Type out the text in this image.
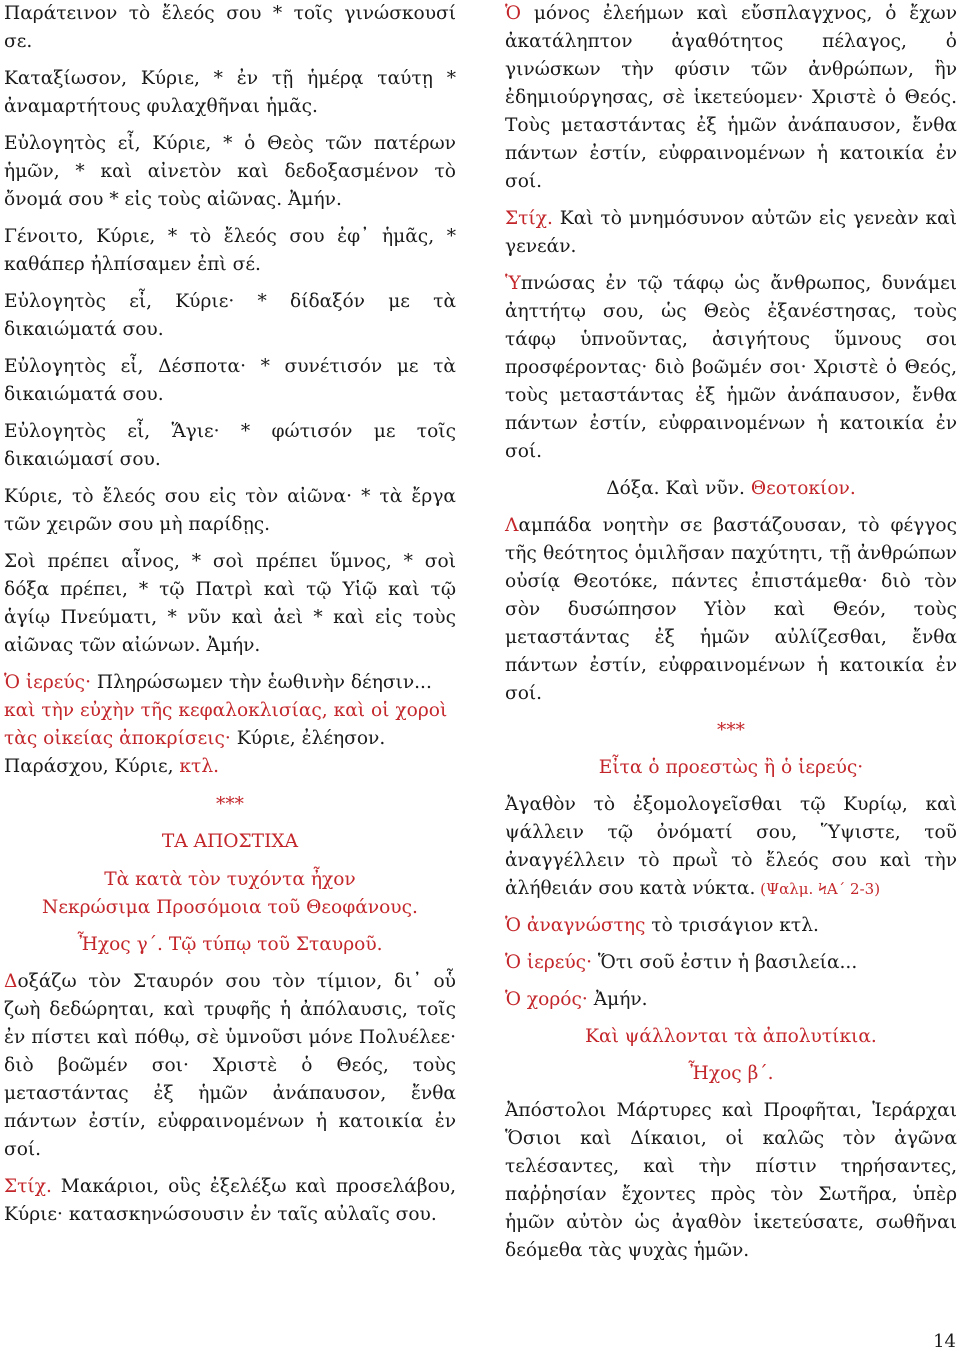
Παράτεινον τὸ ἔλεός σου * τοῖς γινώσκουσί σε.

Καταξίωσον, Κύριε, * ἐν τῇ ἡμέρᾳ ταύτῃ * ἀναμαρτήτους φυλαχθῆναι ἡμᾶς.

Εὐλογητὸς εἶ, Κύριε, * ὁ Θεὸς τῶν πατέρων ἡμῶν, * καὶ αἰνετὸν καὶ δεδοξασμένον τὸ ὄνομά σου * εἰς τοὺς αἰῶνας. Ἀμήν.

Γένοιτο, Κύριε, * τὸ ἔλεός σου ἐφ᾽ ἡμᾶς, * καθάπερ ἠλπίσαμεν ἐπὶ σέ.

Εὐλογητὸς εἶ, Κύριε· * δίδαξόν με τὰ δικαιώματά σου.

Εὐλογητὸς εἶ, Δέσποτα· * συνέτισόν με τὰ δικαιώματά σου.

Εὐλογητὸς εἶ, Ἅγιε· * φώτισόν με τοῖς δικαιώμασί σου.

Κύριε, τὸ ἔλεός σου εἰς τὸν αἰῶνα· * τὰ ἔργα τῶν χειρῶν σου μὴ παρίδῃς.

Σοὶ πρέπει αἶνος, * σοὶ πρέπει ὕμνος, * σοὶ δόξα πρέπει, * τῷ Πατρὶ καὶ τῷ Υἱῷ καὶ τῷ ἁγίῳ Πνεύματι, * νῦν καὶ ἀεὶ * καὶ εἰς τοὺς αἰῶνας τῶν αἰώνων. Ἀμήν.

Ὁ ἱερεύς· Πληρώσωμεν τὴν ἑωθινὴν δέησιν... καὶ τὴν εὐχὴν τῆς κεφαλοκλισίας, καὶ οἱ χοροὶ τὰς οἰκείας ἀποκρίσεις· Κύριε, ἐλέησον. Παράσχου, Κύριε, κτλ.

***

ΤΑ ΑΠΟΣΤΙΧΑ

Τὰ κατὰ τὸν τυχόντα ἦχον
Νεκρώσιμα Προσόμοια τοῦ Θεοφάνους.

Ἦχος γ΄. Τῷ τύπῳ τοῦ Σταυροῦ.

Δοξάζω τὸν Σταυρόν σου τὸν τίμιον, δι᾽ οὗ ζωὴ δεδώρηται, καὶ τρυφῆς ἡ ἀπόλαυσις, τοῖς ἐν πίστει καὶ πόθῳ, σὲ ὑμνοῦσι μόνε Πολυέλεε· διὸ βοῶμέν σοι· Χριστὲ ὁ Θεός, τοὺς μεταστάντας ἐξ ἡμῶν ἀνάπαυσον, ἔνθα πάντων ἐστίν, εὐφραινομένων ἡ κατοικία ἐν σοί.

Στίχ. Μακάριοι, οὓς ἐξελέξω καὶ προσελάβου, Κύριε· κατασκηνώσουσιν ἐν ταῖς αὐλαῖς σου.

Ὁ μόνος ἐλεήμων καὶ εὔσπλαγχνος, ὁ ἔχων ἀκατάληπτον ἀγαθότητος πέλαγος, ὁ γινώσκων τὴν φύσιν τῶν ἀνθρώπων, ἣν ἐδημιούργησας, σὲ ἱκετεύομεν· Χριστὲ ὁ Θεός. Τοὺς μεταστάντας ἐξ ἡμῶν ἀνάπαυσον, ἔνθα πάντων ἐστίν, εὐφραινομένων ἡ κατοικία ἐν σοί.

Στίχ. Καὶ τὸ μνημόσυνον αὐτῶν εἰς γενεὰν καὶ γενεάν.

Ὑπνώσας ἐν τῷ τάφῳ ὡς ἄνθρωπος, δυνάμει ἀηττήτῳ σου, ὡς Θεὸς ἐξανέστησας, τοὺς τάφῳ ὑπνοῦντας, ἀσιγήτους ὕμνους σοι προσφέροντας· διὸ βοῶμέν σοι· Χριστὲ ὁ Θεός, τοὺς μεταστάντας ἐξ ἡμῶν ἀνάπαυσον, ἔνθα πάντων ἐστίν, εὐφραινομένων ἡ κατοικία ἐν σοί.

Δόξα. Καὶ νῦν. Θεοτοκίον.

Λαμπάδα νοητὴν σε βαστάζουσαν, τὸ φέγγος τῆς θεότητος ὁμιλῆσαν παχύτητι, τῇ ἀνθρώπων οὐσίᾳ Θεοτόκε, πάντες ἐπιστάμεθα· διὸ τὸν σὸν δυσώπησον Υἱὸν καὶ Θεόν, τοὺς μεταστάντας ἐξ ἡμῶν αὐλίζεσθαι, ἔνθα πάντων ἐστίν, εὐφραινομένων ἡ κατοικία ἐν σοί.

***

Εἶτα ὁ προεστὼς ἢ ὁ ἱερεύς·

Ἀγαθὸν τὸ ἐξομολογεῖσθαι τῷ Κυρίῳ, καὶ ψάλλειν τῷ ὀνόματί σου, Ὕψιστε, τοῦ ἀναγγέλλειν τὸ πρωῒ τὸ ἔλεός σου καὶ τὴν ἀλήθειάν σου κατὰ νύκτα. (Ψαλμ. ϞΑ΄ 2-3)

Ὁ ἀναγνώστης τὸ τρισάγιον κτλ.

Ὁ ἱερεύς· Ὅτι σοῦ ἐστιν ἡ βασιλεία...

Ὁ χορός· Ἀμήν.

Καὶ ψάλλονται τὰ ἀπολυτίκια.

Ἦχος β΄.

Ἀπόστολοι Μάρτυρες καὶ Προφῆται, Ἱεράρχαι Ὅσιοι καὶ Δίκαιοι, οἱ καλῶς τὸν ἀγῶνα τελέσαντες, καὶ τὴν πίστιν τηρήσαντες, παῤῥησίαν ἔχοντες πρὸς τὸν Σωτῆρα, ὑπὲρ ἡμῶν αὐτὸν ὡς ἀγαθὸν ἱκετεύσατε, σωθῆναι δεόμεθα τὰς ψυχὰς ἡμῶν.

14
